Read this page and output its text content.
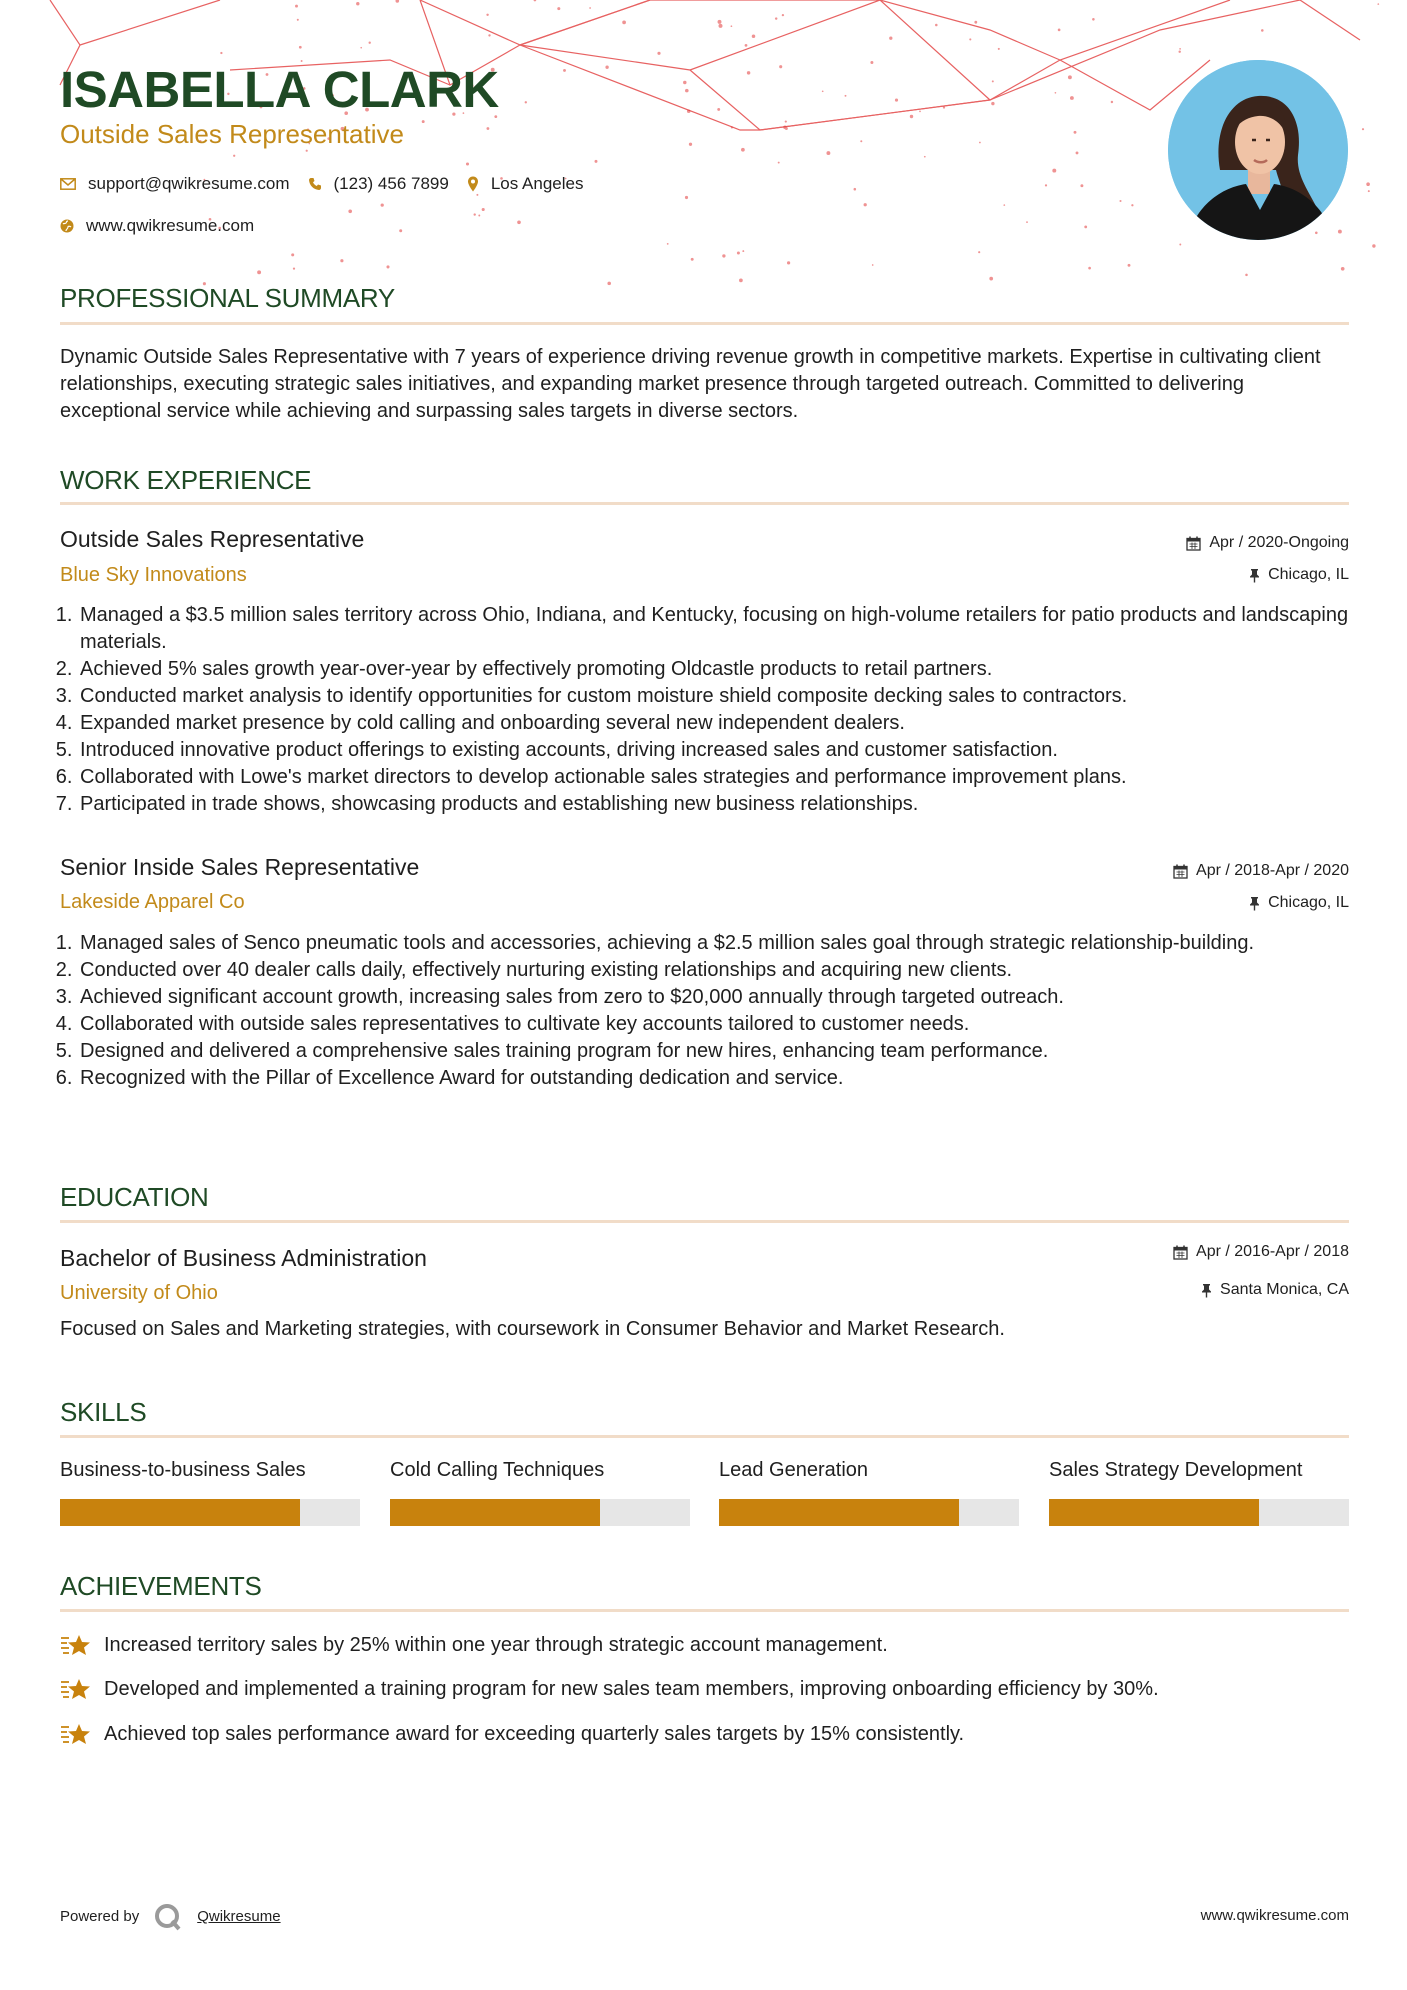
ISABELLA CLARK
Outside Sales Representative
support@qwikresume.com	(123) 456 7899 Los Angeles
www.qwikresume.com
PROFESSIONAL SUMMARY
Dynamic Outside Sales Representative with 7 years of experience driving revenue growth in competitive markets. Expertise in cultivating client relationships, executing strategic sales initiatives, and expanding market presence through targeted outreach. Committed to delivering exceptional service while achieving and surpassing sales targets in diverse sectors.
WORK EXPERIENCE
Outside Sales Representative
Blue Sky Innovations
Apr / 2020-Ongoing
Chicago, IL
1. Managed a $3.5 million sales territory across Ohio, Indiana, and Kentucky, focusing on high-volume retailers for patio products and landscaping materials.
2. Achieved 5% sales growth year-over-year by effectively promoting Oldcastle products to retail partners.
3. Conducted market analysis to identify opportunities for custom moisture shield composite decking sales to contractors.
4. Expanded market presence by cold calling and onboarding several new independent dealers.
5. Introduced innovative product offerings to existing accounts, driving increased sales and customer satisfaction.
6. Collaborated with Lowe's market directors to develop actionable sales strategies and performance improvement plans.
7. Participated in trade shows, showcasing products and establishing new business relationships.
Senior Inside Sales Representative
Lakeside Apparel Co
Apr / 2018-Apr / 2020
Chicago, IL
1. Managed sales of Senco pneumatic tools and accessories, achieving a $2.5 million sales goal through strategic relationship-building.
2. Conducted over 40 dealer calls daily, effectively nurturing existing relationships and acquiring new clients.
3. Achieved significant account growth, increasing sales from zero to $20,000 annually through targeted outreach.
4. Collaborated with outside sales representatives to cultivate key accounts tailored to customer needs.
5. Designed and delivered a comprehensive sales training program for new hires, enhancing team performance.
6. Recognized with the Pillar of Excellence Award for outstanding dedication and service.
EDUCATION
Bachelor of Business Administration
University of Ohio
Apr / 2016-Apr / 2018
Santa Monica, CA
Focused on Sales and Marketing strategies, with coursework in Consumer Behavior and Market Research.
SKILLS
Business-to-business Sales	Cold Calling Techniques	Lead Generation	Sales Strategy Development
ACHIEVEMENTS
Increased territory sales by 25% within one year through strategic account management.
Developed and implemented a training program for new sales team members, improving onboarding efficiency by 30%.
Achieved top sales performance award for exceeding quarterly sales targets by 15% consistently.
Powered by	Qwikresume	www.qwikresume.com
